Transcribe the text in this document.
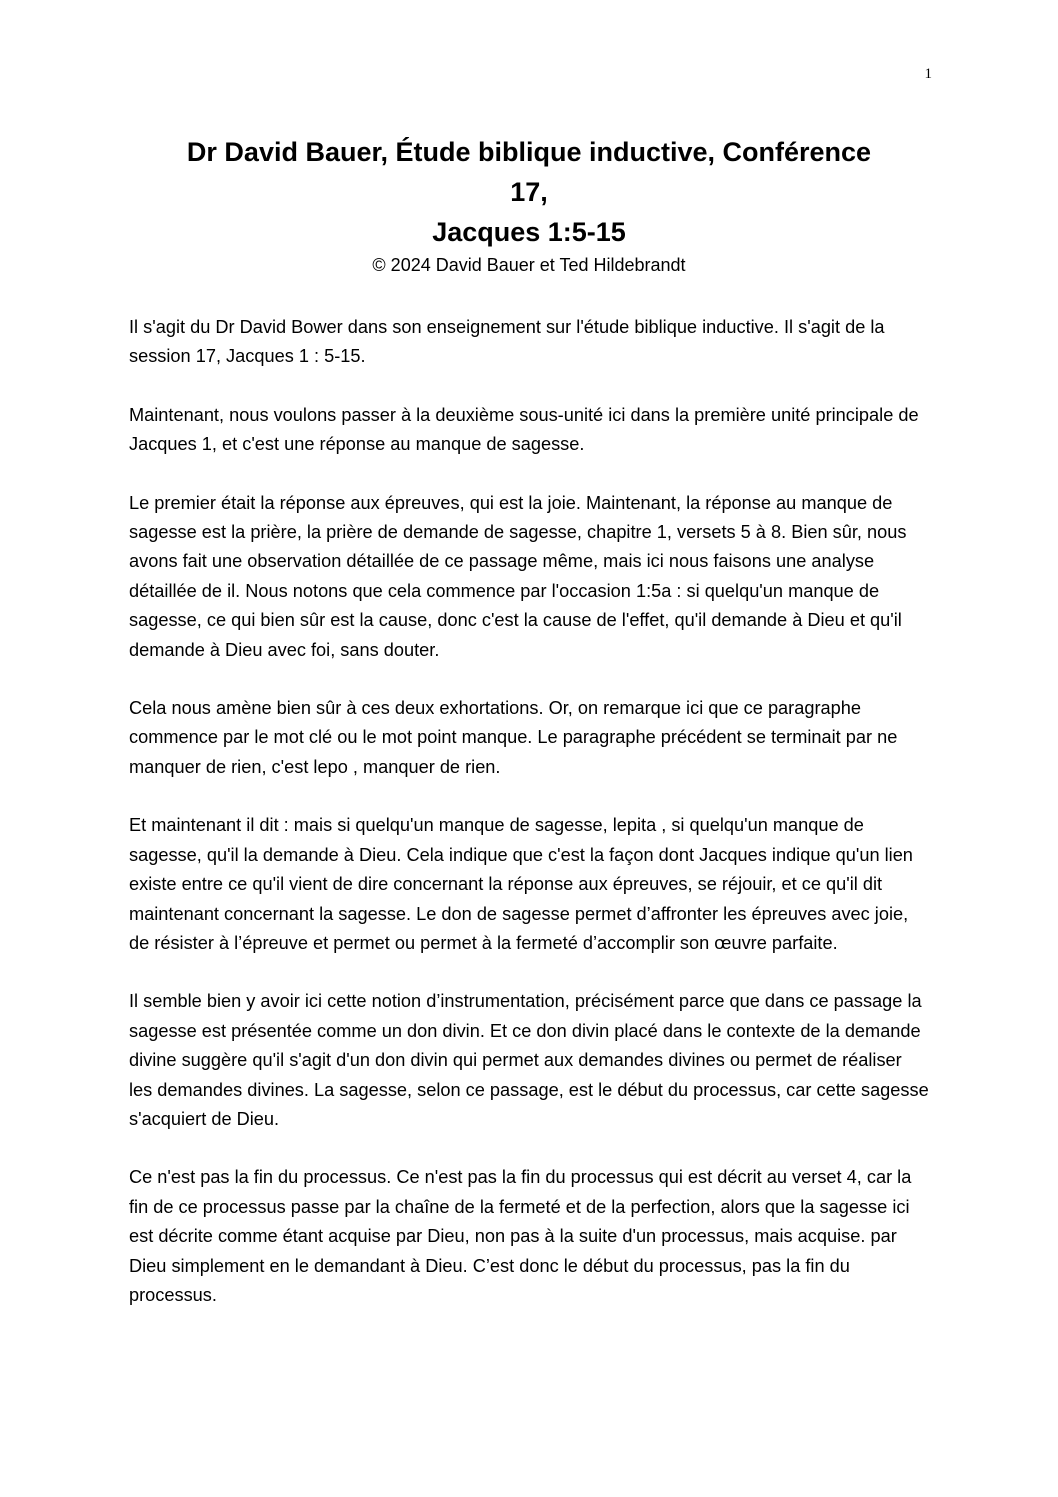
1

Dr David Bauer, Étude biblique inductive, Conférence

17,

Jacques 1:5-15

© 2024 David Bauer et Ted Hildebrandt

Il s'agit du Dr David Bower dans son enseignement sur l'étude biblique inductive. Il s'agit de la session 17, Jacques 1 : 5-15.

Maintenant, nous voulons passer à la deuxième sous-unité ici dans la première unité principale de Jacques 1, et c'est une réponse au manque de sagesse.

Le premier était la réponse aux épreuves, qui est la joie. Maintenant, la réponse au manque de sagesse est la prière, la prière de demande de sagesse, chapitre 1, versets 5 à 8. Bien sûr, nous avons fait une observation détaillée de ce passage même, mais ici nous faisons une analyse détaillée de il. Nous notons que cela commence par l'occasion 1:5a : si quelqu'un manque de sagesse, ce qui bien sûr est la cause, donc c'est la cause de l'effet, qu'il demande à Dieu et qu'il demande à Dieu avec foi, sans douter.

Cela nous amène bien sûr à ces deux exhortations. Or, on remarque ici que ce paragraphe commence par le mot clé ou le mot point manque. Le paragraphe précédent se terminait par ne manquer de rien, c'est lepo , manquer de rien.

Et maintenant il dit : mais si quelqu'un manque de sagesse, lepita , si quelqu'un manque de sagesse, qu'il la demande à Dieu. Cela indique que c'est la façon dont Jacques indique qu'un lien existe entre ce qu'il vient de dire concernant la réponse aux épreuves, se réjouir, et ce qu'il dit maintenant concernant la sagesse. Le don de sagesse permet d’affronter les épreuves avec joie, de résister à l’épreuve et permet ou permet à la fermeté d’accomplir son œuvre parfaite.

Il semble bien y avoir ici cette notion d’instrumentation, précisément parce que dans ce passage la sagesse est présentée comme un don divin. Et ce don divin placé dans le contexte de la demande divine suggère qu'il s'agit d'un don divin qui permet aux demandes divines ou permet de réaliser les demandes divines. La sagesse, selon ce passage, est le début du processus, car cette sagesse s'acquiert de Dieu.

Ce n'est pas la fin du processus. Ce n'est pas la fin du processus qui est décrit au verset 4, car la fin de ce processus passe par la chaîne de la fermeté et de la perfection, alors que la sagesse ici est décrite comme étant acquise par Dieu, non pas à la suite d'un processus, mais acquise. par Dieu simplement en le demandant à Dieu. C’est donc le début du processus, pas la fin du processus.
